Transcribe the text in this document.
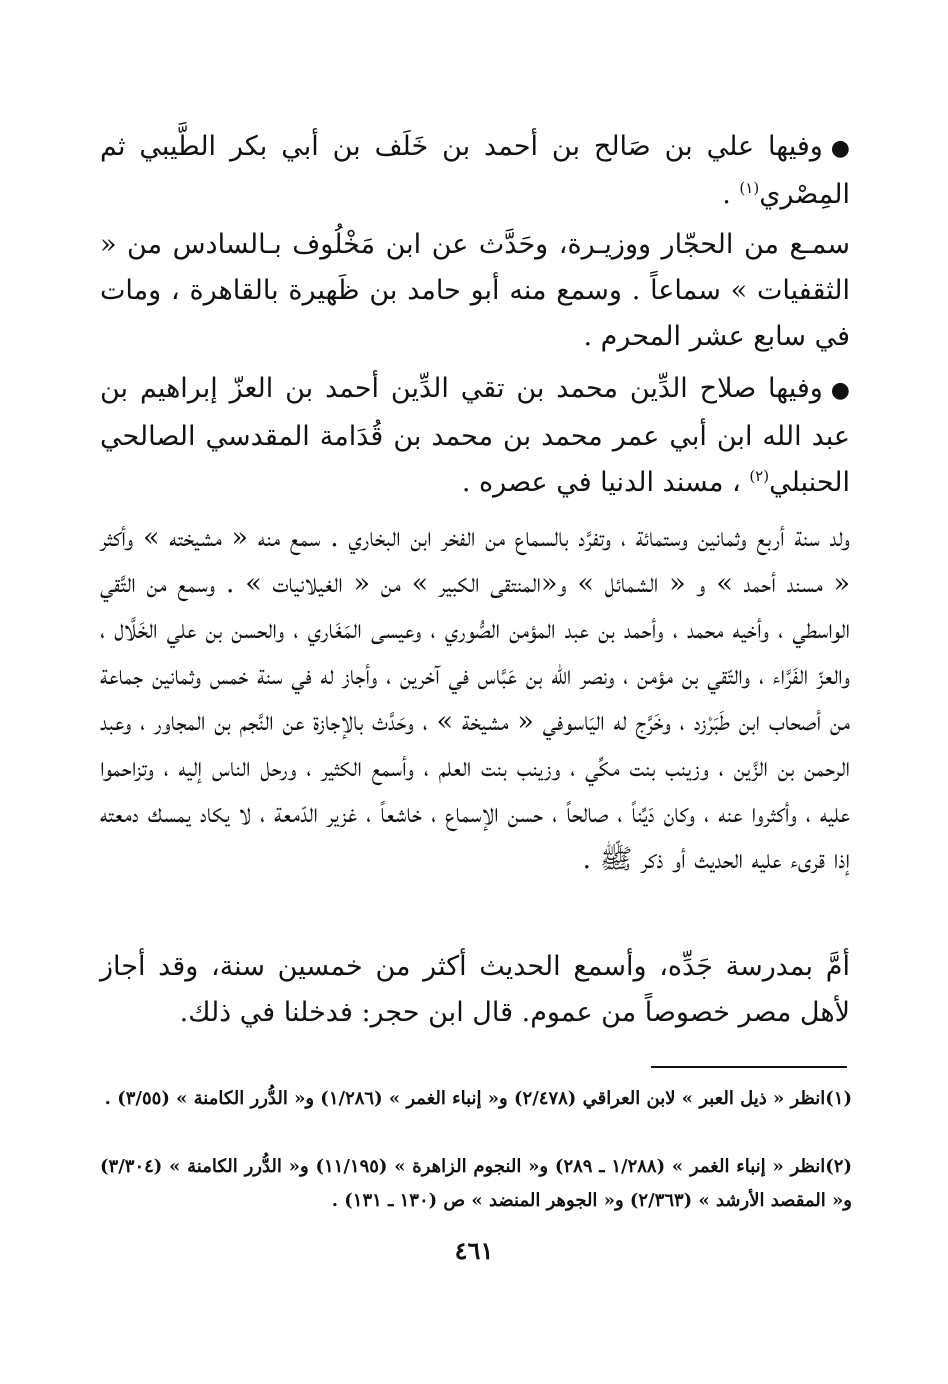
●وفيها علي بن صَالح بن أحمد بن خَلَف بن أبي بكر الطَّيبي ثم المِصْري$^{(١)}$ .

سمـع من الحجّار ووزيـرة، وحَدَّث عن ابن مَخْلُوف بـالسادس من « الثقفيات » سماعاً . وسمع منه أبو حامد بن ظَهيرة بالقاهرة ، ومات في سابع عشر المحرم .

●وفيها صلاح الدِّين محمد بن تقي الدِّين أحمد بن العزّ إبراهيم بن عبد الله ابن أبي عمر محمد بن محمد بن قُدَامة المقدسي الصالحي الحنبلي$^{(٢)}$ ، مسند الدنيا في عصره .

ولد سنة أربع وثمانين وستمائة ، وتفرَّد بالسماع من الفخر ابن البخاري . سمع منه « مشيخته » وأكثر « مسند أحمد » و « الشمائل » و«المنتقى الكبير » من « الغيلانيات » . وسمع من التَّقي الواسطي ، وأخيه محمد ، وأحمد بن عبد المؤمن الصُّوري ، وعيسى المَغَاري ، والحسن بن علي الخَلَّال ، والعزّ الفَرَّاء ، والتّقي بن مؤمن ، ونصر الله بن عَبَّاس في آخرين ، وأجاز له في سنة خمس وثمانين جماعة من أصحاب ابن طَبَرْزد ، وخَرَّج له اليَاسوفي « مشيخة » ، وحَدَّث بالإجازة عن النَّجم بن المجاور ، وعبد الرحمن بن الزَّين ، وزينب بنت مكِّي ، وزينب بنت العلم ، وأسمع الكثير ، ورحل الناس إليه ، وتزاحموا عليه ، وأكثروا عنه ، وكان دَيِّناً ، صالحاً ، حسن الإسماع ، خاشعاً ، غزير الدّمعة ، لا يكاد يمسك دمعته إذا قرىء عليه الحديث أو ذكر ﷺ .

أمَّ بمدرسة جَدِّه، وأسمع الحديث أكثر من خمسين سنة، وقد أجاز لأهل مصر خصوصاً من عموم. قال ابن حجر: فدخلنا في ذلك.

(١)انظر « ذيل العبر » لابن العراقي (٢/٤٧٨) و« إنباء الغمر » (١/٢٨٦) و« الدُّرر الكامنة » (٣/٥٥) .

(٢)انظر « إنباء الغمر » (١/٢٨٨ ـ ٢٨٩) و« النجوم الزاهرة » (١١/١٩٥) و« الدُّرر الكامنة » (٣/٣٠٤) و« المقصد الأرشد » (٢/٣٦٣) و« الجوهر المنضد » ص (١٣٠ ـ ١٣١) .

٤٦١
